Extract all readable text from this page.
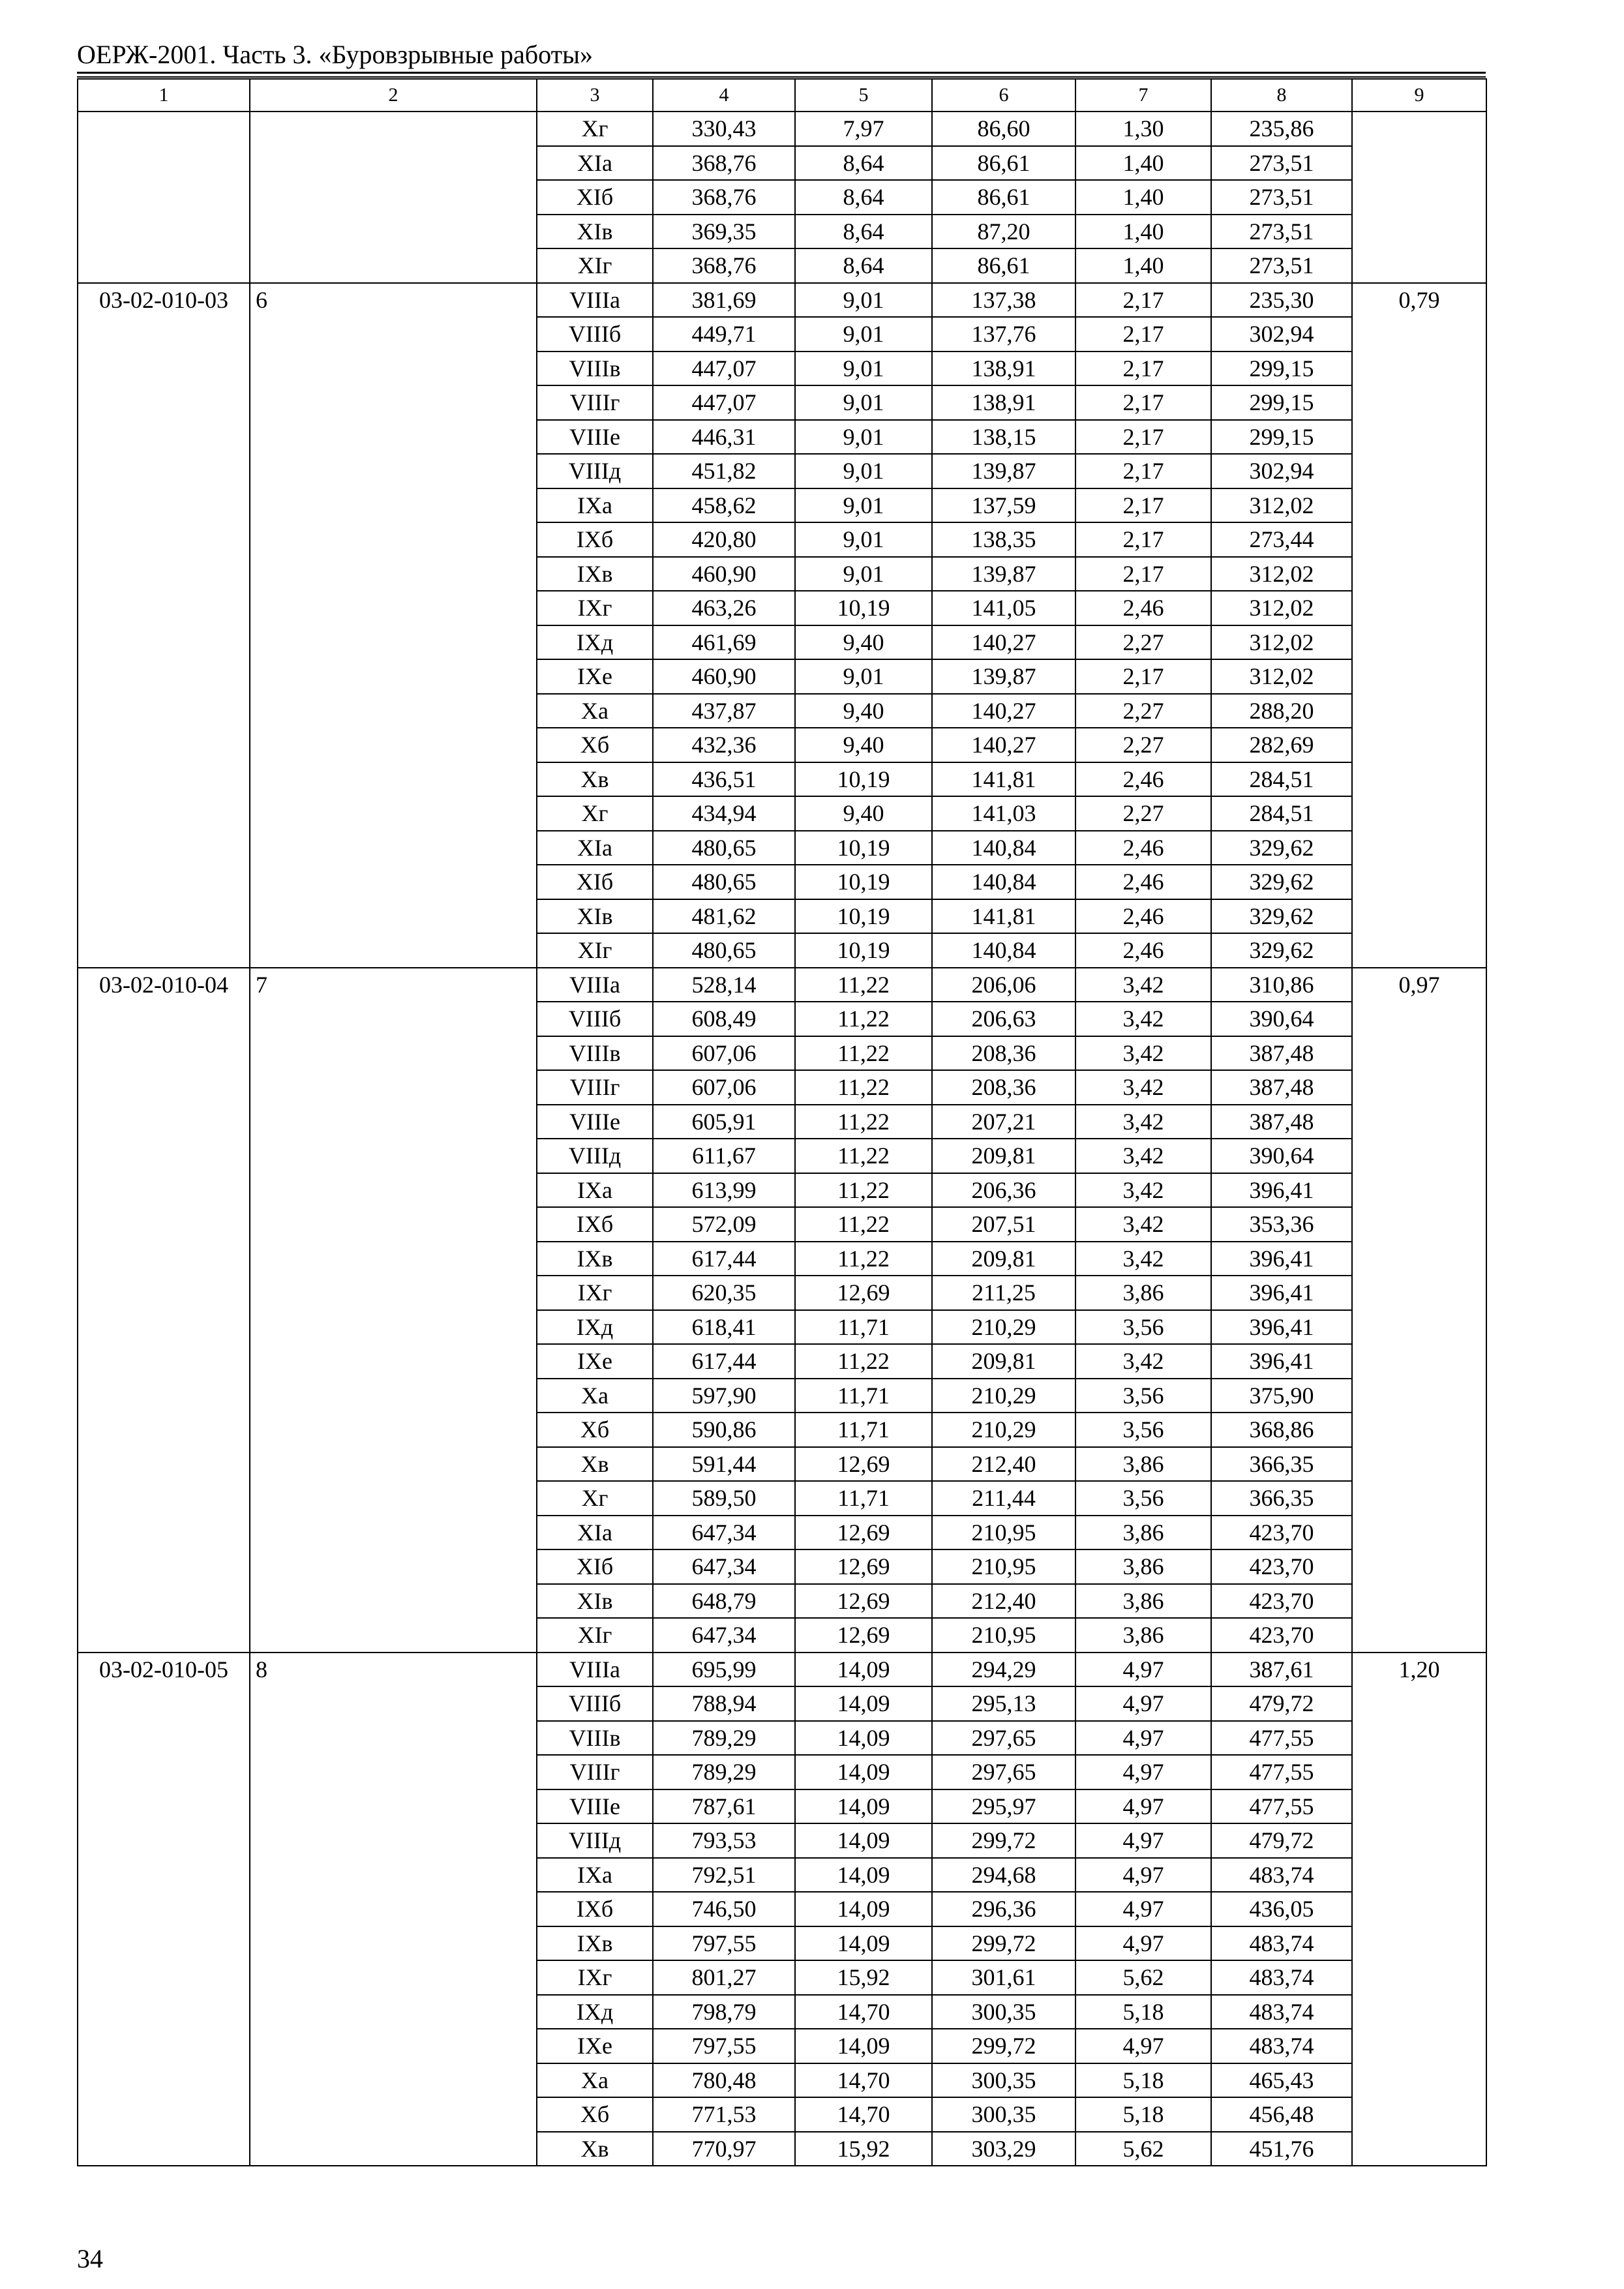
ОЕРЖ-2001. Часть 3. «Буровзрывные работы»
1	2	3	4	5	6	7	8	9
		Xг	330,43	7,97	86,60	1,30	235,86	
		XIа	368,76	8,64	86,61	1,40	273,51	
		XIб	368,76	8,64	86,61	1,40	273,51	
		XIв	369,35	8,64	87,20	1,40	273,51	
		XIг	368,76	8,64	86,61	1,40	273,51	
03-02-010-03	6	VIIIа	381,69	9,01	137,38	2,17	235,30	0,79
		VIIIб	449,71	9,01	137,76	2,17	302,94	
		VIIIв	447,07	9,01	138,91	2,17	299,15	
		VIIIг	447,07	9,01	138,91	2,17	299,15	
		VIIIе	446,31	9,01	138,15	2,17	299,15	
		VIIIд	451,82	9,01	139,87	2,17	302,94	
		IXа	458,62	9,01	137,59	2,17	312,02	
		IXб	420,80	9,01	138,35	2,17	273,44	
		IXв	460,90	9,01	139,87	2,17	312,02	
		IXг	463,26	10,19	141,05	2,46	312,02	
		IXд	461,69	9,40	140,27	2,27	312,02	
		IXе	460,90	9,01	139,87	2,17	312,02	
		Xа	437,87	9,40	140,27	2,27	288,20	
		Xб	432,36	9,40	140,27	2,27	282,69	
		Xв	436,51	10,19	141,81	2,46	284,51	
		Xг	434,94	9,40	141,03	2,27	284,51	
		XIа	480,65	10,19	140,84	2,46	329,62	
		XIб	480,65	10,19	140,84	2,46	329,62	
		XIв	481,62	10,19	141,81	2,46	329,62	
		XIг	480,65	10,19	140,84	2,46	329,62	
03-02-010-04	7	VIIIа	528,14	11,22	206,06	3,42	310,86	0,97
		VIIIб	608,49	11,22	206,63	3,42	390,64	
		VIIIв	607,06	11,22	208,36	3,42	387,48	
		VIIIг	607,06	11,22	208,36	3,42	387,48	
		VIIIе	605,91	11,22	207,21	3,42	387,48	
		VIIIд	611,67	11,22	209,81	3,42	390,64	
		IXа	613,99	11,22	206,36	3,42	396,41	
		IXб	572,09	11,22	207,51	3,42	353,36	
		IXв	617,44	11,22	209,81	3,42	396,41	
		IXг	620,35	12,69	211,25	3,86	396,41	
		IXд	618,41	11,71	210,29	3,56	396,41	
		IXе	617,44	11,22	209,81	3,42	396,41	
		Xа	597,90	11,71	210,29	3,56	375,90	
		Xб	590,86	11,71	210,29	3,56	368,86	
		Xв	591,44	12,69	212,40	3,86	366,35	
		Xг	589,50	11,71	211,44	3,56	366,35	
		XIа	647,34	12,69	210,95	3,86	423,70	
		XIб	647,34	12,69	210,95	3,86	423,70	
		XIв	648,79	12,69	212,40	3,86	423,70	
		XIг	647,34	12,69	210,95	3,86	423,70	
03-02-010-05	8	VIIIа	695,99	14,09	294,29	4,97	387,61	1,20
		VIIIб	788,94	14,09	295,13	4,97	479,72	
		VIIIв	789,29	14,09	297,65	4,97	477,55	
		VIIIг	789,29	14,09	297,65	4,97	477,55	
		VIIIе	787,61	14,09	295,97	4,97	477,55	
		VIIIд	793,53	14,09	299,72	4,97	479,72	
		IXа	792,51	14,09	294,68	4,97	483,74	
		IXб	746,50	14,09	296,36	4,97	436,05	
		IXв	797,55	14,09	299,72	4,97	483,74	
		IXг	801,27	15,92	301,61	5,62	483,74	
		IXд	798,79	14,70	300,35	5,18	483,74	
		IXе	797,55	14,09	299,72	4,97	483,74	
		Xа	780,48	14,70	300,35	5,18	465,43	
		Xб	771,53	14,70	300,35	5,18	456,48	
		Xв	770,97	15,92	303,29	5,62	451,76	
34
